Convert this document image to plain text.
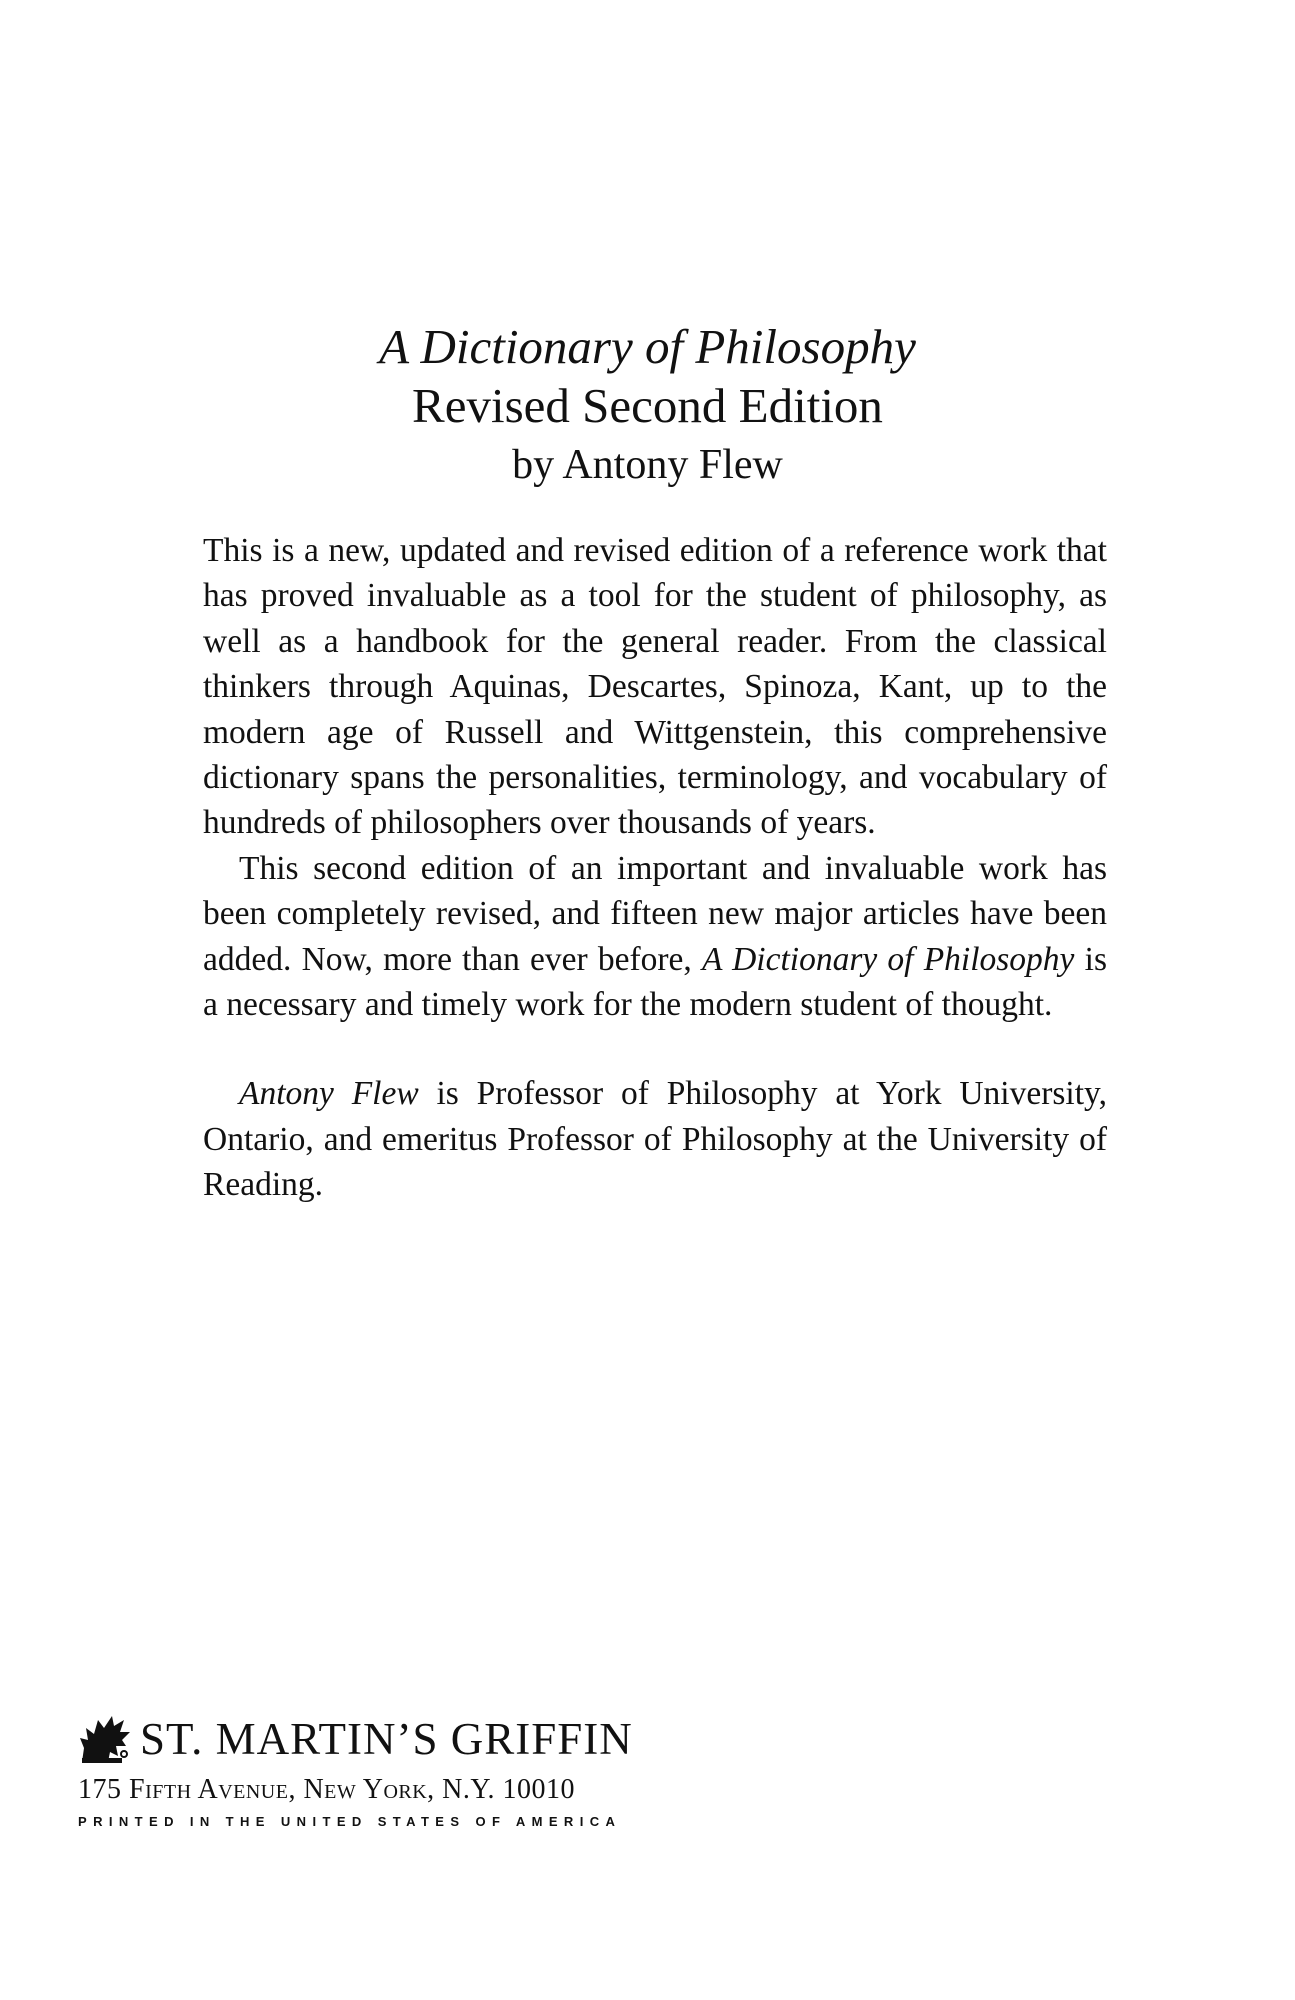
A Dictionary of Philosophy
Revised Second Edition
by Antony Flew

This is a new, updated and revised edition of a reference work that has proved invaluable as a tool for the student of philosophy, as well as a handbook for the general reader. From the classical thinkers through Aquinas, Descartes, Spinoza, Kant, up to the modern age of Russell and Wittgenstein, this comprehensive dictionary spans the personalities, terminology, and vocabulary of hundreds of philosophers over thousands of years.

This second edition of an important and invaluable work has been completely revised, and fifteen new major articles have been added. Now, more than ever before, A Dictionary of Philosophy is a necessary and timely work for the modern student of thought.

Antony Flew is Professor of Philosophy at York University, Ontario, and emeritus Professor of Philosophy at the University of Reading.

ST. MARTIN’S GRIFFIN
175 Fifth Avenue, New York, N.Y. 10010
PRINTED IN THE UNITED STATES OF AMERICA
